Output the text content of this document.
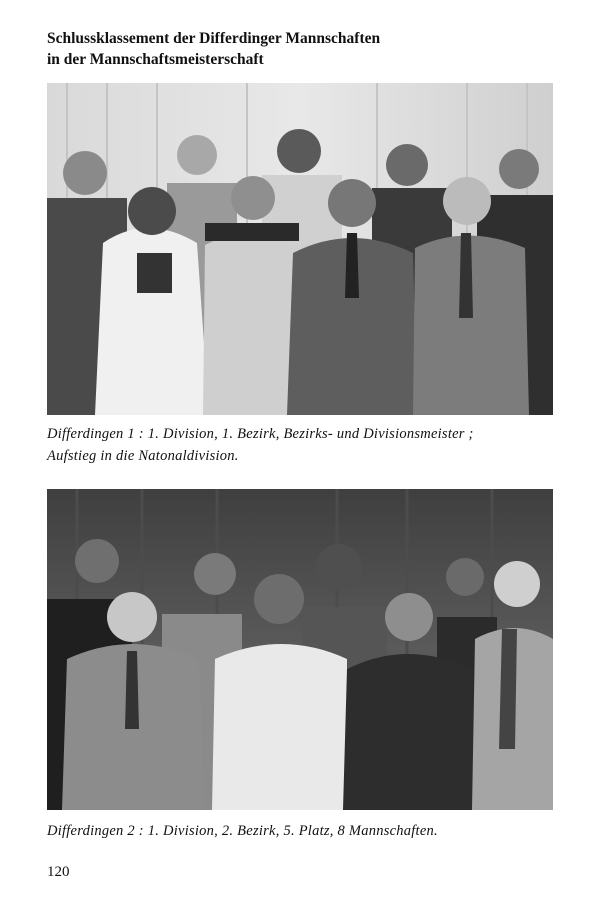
Schlussklassement der Differdinger Mannschaften
in der Mannschaftsmeisterschaft

Differdingen 1 : 1. Division, 1. Bezirk, Bezirks- und Divisionsmeister ;
Aufstieg in die Natonaldivision.

Differdingen 2 : 1. Division, 2. Bezirk, 5. Platz, 8 Mannschaften.

120
